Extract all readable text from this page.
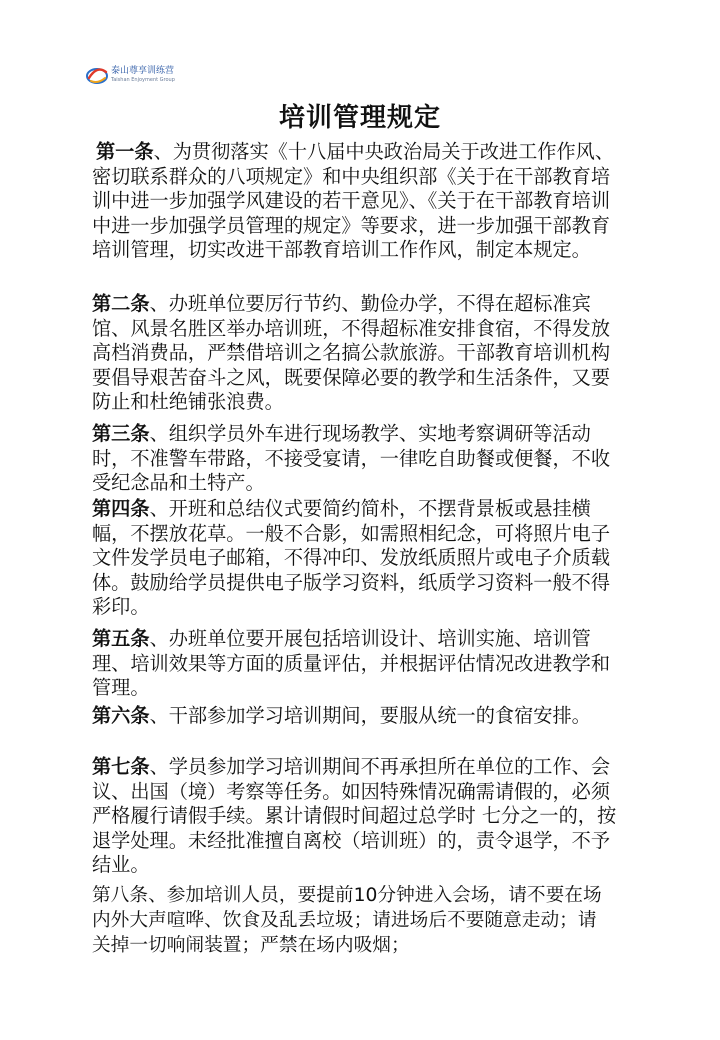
泰山尊享训练营
Taishan Enjoyment Group
培训管理规定

第一条、为贯彻落实《十八届中央政治局关于改进工作作风、密切联系群众的八项规定》和中央组织部《关于在干部教育培训中进一步加强学风建设的若干意见》、《关于在干部教育培训中进一步加强学员管理的规定》等要求，进一步加强干部教育培训管理，切实改进干部教育培训工作作风，制定本规定。

第二条、办班单位要厉行节约、勤俭办学，不得在超标准宾馆、风景名胜区举办培训班，不得超标准安排食宿，不得发放高档消费品，严禁借培训之名搞公款旅游。干部教育培训机构要倡导艰苦奋斗之风，既要保障必要的教学和生活条件，又要防止和杜绝铺张浪费。

第三条、组织学员外车进行现场教学、实地考察调研等活动时，不准警车带路，不接受宴请，一律吃自助餐或便餐，不收受纪念品和土特产。

第四条、开班和总结仪式要简约简朴，不摆背景板或悬挂横幅，不摆放花草。一般不合影，如需照相纪念，可将照片电子文件发学员电子邮箱，不得冲印、发放纸质照片或电子介质载体。鼓励给学员提供电子版学习资料，纸质学习资料一般不得彩印。

第五条、办班单位要开展包括培训设计、培训实施、培训管理、培训效果等方面的质量评估，并根据评估情况改进教学和管理。

第六条、干部参加学习培训期间，要服从统一的食宿安排。

第七条、学员参加学习培训期间不再承担所在单位的工作、会议、出国（境）考察等任务。如因特殊情况确需请假的，必须严格履行请假手续。累计请假时间超过总学时 七分之一的，按退学处理。未经批准擅自离校（培训班）的，责令退学，不予结业。

第八条、参加培训人员，要提前10分钟进入会场，请不要在场内外大声喧哗、饮食及乱丢垃圾；请进场后不要随意走动；请关掉一切响闹装置；严禁在场内吸烟；
